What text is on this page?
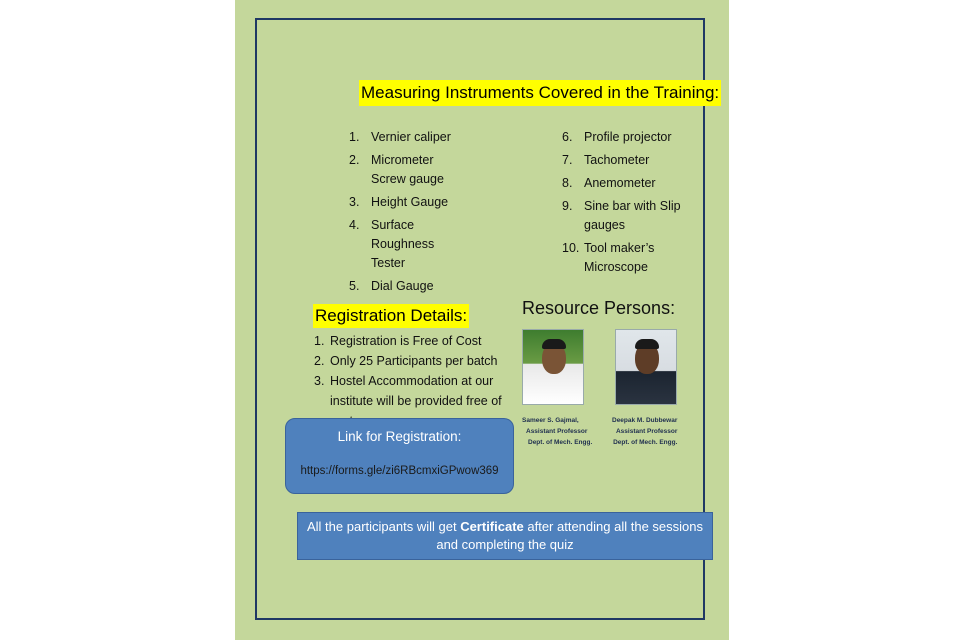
Measuring Instruments Covered in the Training:
1. Vernier caliper
2. Micrometer Screw gauge
3. Height Gauge
4. Surface Roughness Tester
5. Dial Gauge
6. Profile projector
7. Tachometer
8. Anemometer
9. Sine bar with Slip gauges
10. Tool maker’s Microscope
Registration Details:
1. Registration is Free of Cost
2. Only 25 Participants per batch
3. Hostel Accommodation at our institute will be provided free of
Resource Persons:
Sameer S. Gajmal,
Assistant Professor
Dept. of Mech. Engg.
Deepak M. Dubbewar
Assistant Professor
Dept. of Mech. Engg.
Link for Registration:
https://forms.gle/zi6RBcmxiGPwow369
All the participants will get Certificate after attending all the sessions and completing the quiz
